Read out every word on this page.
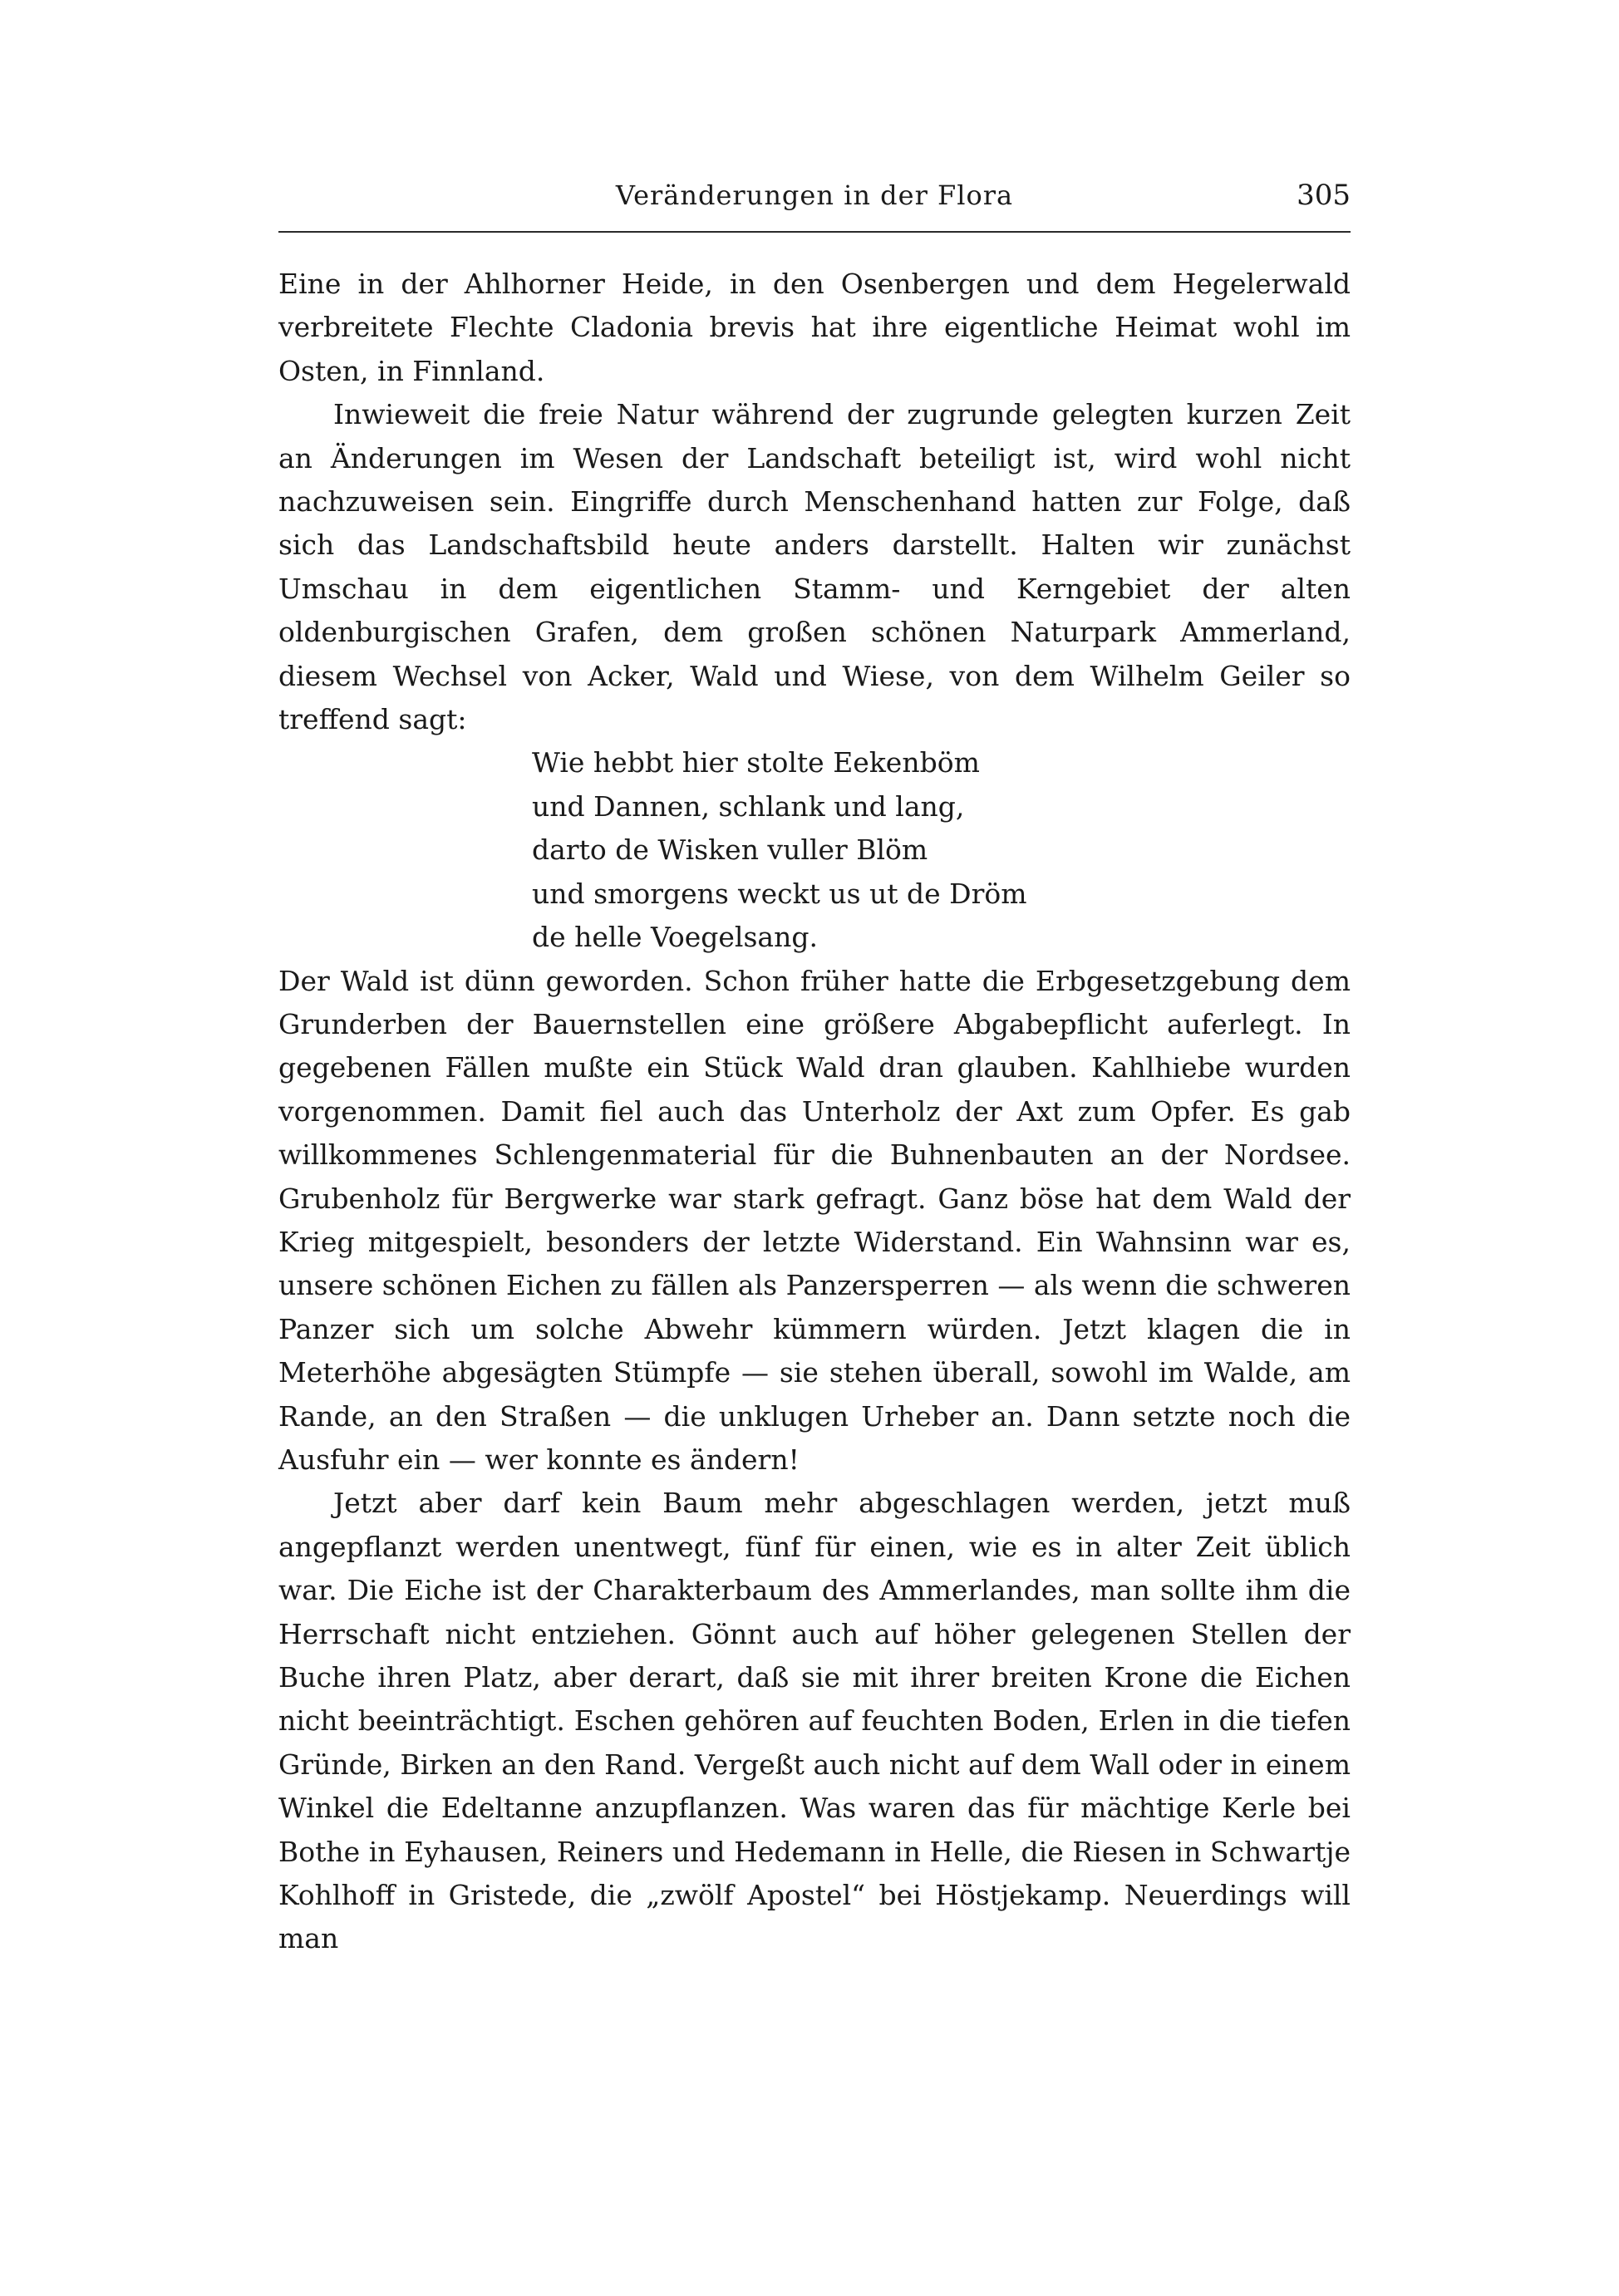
Veränderungen in der Flora	305

Eine in der Ahlhorner Heide, in den Osenbergen und dem Hegelerwald verbreitete Flechte Cladonia brevis hat ihre eigentliche Heimat wohl im Osten, in Finnland.

Inwieweit die freie Natur während der zugrunde gelegten kurzen Zeit an Änderungen im Wesen der Landschaft beteiligt ist, wird wohl nicht nachzuweisen sein. Eingriffe durch Menschenhand hatten zur Folge, daß sich das Landschaftsbild heute anders darstellt. Halten wir zunächst Umschau in dem eigentlichen Stamm- und Kerngebiet der alten oldenburgischen Grafen, dem großen schönen Naturpark Ammerland, diesem Wechsel von Acker, Wald und Wiese, von dem Wilhelm Geiler so treffend sagt:

Wie hebbt hier stolte Eekenböm
und Dannen, schlank und lang,
darto de Wisken vuller Blöm
und smorgens weckt us ut de Dröm
de helle Voegelsang.

Der Wald ist dünn geworden. Schon früher hatte die Erbgesetzgebung dem Grunderben der Bauernstellen eine größere Abgabepflicht auferlegt. In gegebenen Fällen mußte ein Stück Wald dran glauben. Kahlhiebe wurden vorgenommen. Damit fiel auch das Unterholz der Axt zum Opfer. Es gab willkommenes Schlengenmaterial für die Buhnenbauten an der Nordsee. Grubenholz für Bergwerke war stark gefragt. Ganz böse hat dem Wald der Krieg mitgespielt, besonders der letzte Widerstand. Ein Wahnsinn war es, unsere schönen Eichen zu fällen als Panzersperren — als wenn die schweren Panzer sich um solche Abwehr kümmern würden. Jetzt klagen die in Meterhöhe abgesägten Stümpfe — sie stehen überall, sowohl im Walde, am Rande, an den Straßen — die unklugen Urheber an. Dann setzte noch die Ausfuhr ein — wer konnte es ändern!

Jetzt aber darf kein Baum mehr abgeschlagen werden, jetzt muß angepflanzt werden unentwegt, fünf für einen, wie es in alter Zeit üblich war. Die Eiche ist der Charakterbaum des Ammerlandes, man sollte ihm die Herrschaft nicht entziehen. Gönnt auch auf höher gelegenen Stellen der Buche ihren Platz, aber derart, daß sie mit ihrer breiten Krone die Eichen nicht beeinträchtigt. Eschen gehören auf feuchten Boden, Erlen in die tiefen Gründe, Birken an den Rand. Vergeßt auch nicht auf dem Wall oder in einem Winkel die Edeltanne anzupflanzen. Was waren das für mächtige Kerle bei Bothe in Eyhausen, Reiners und Hedemann in Helle, die Riesen in Schwartje Kohlhoff in Gristede, die „zwölf Apostel“ bei Höstjekamp. Neuerdings will man
